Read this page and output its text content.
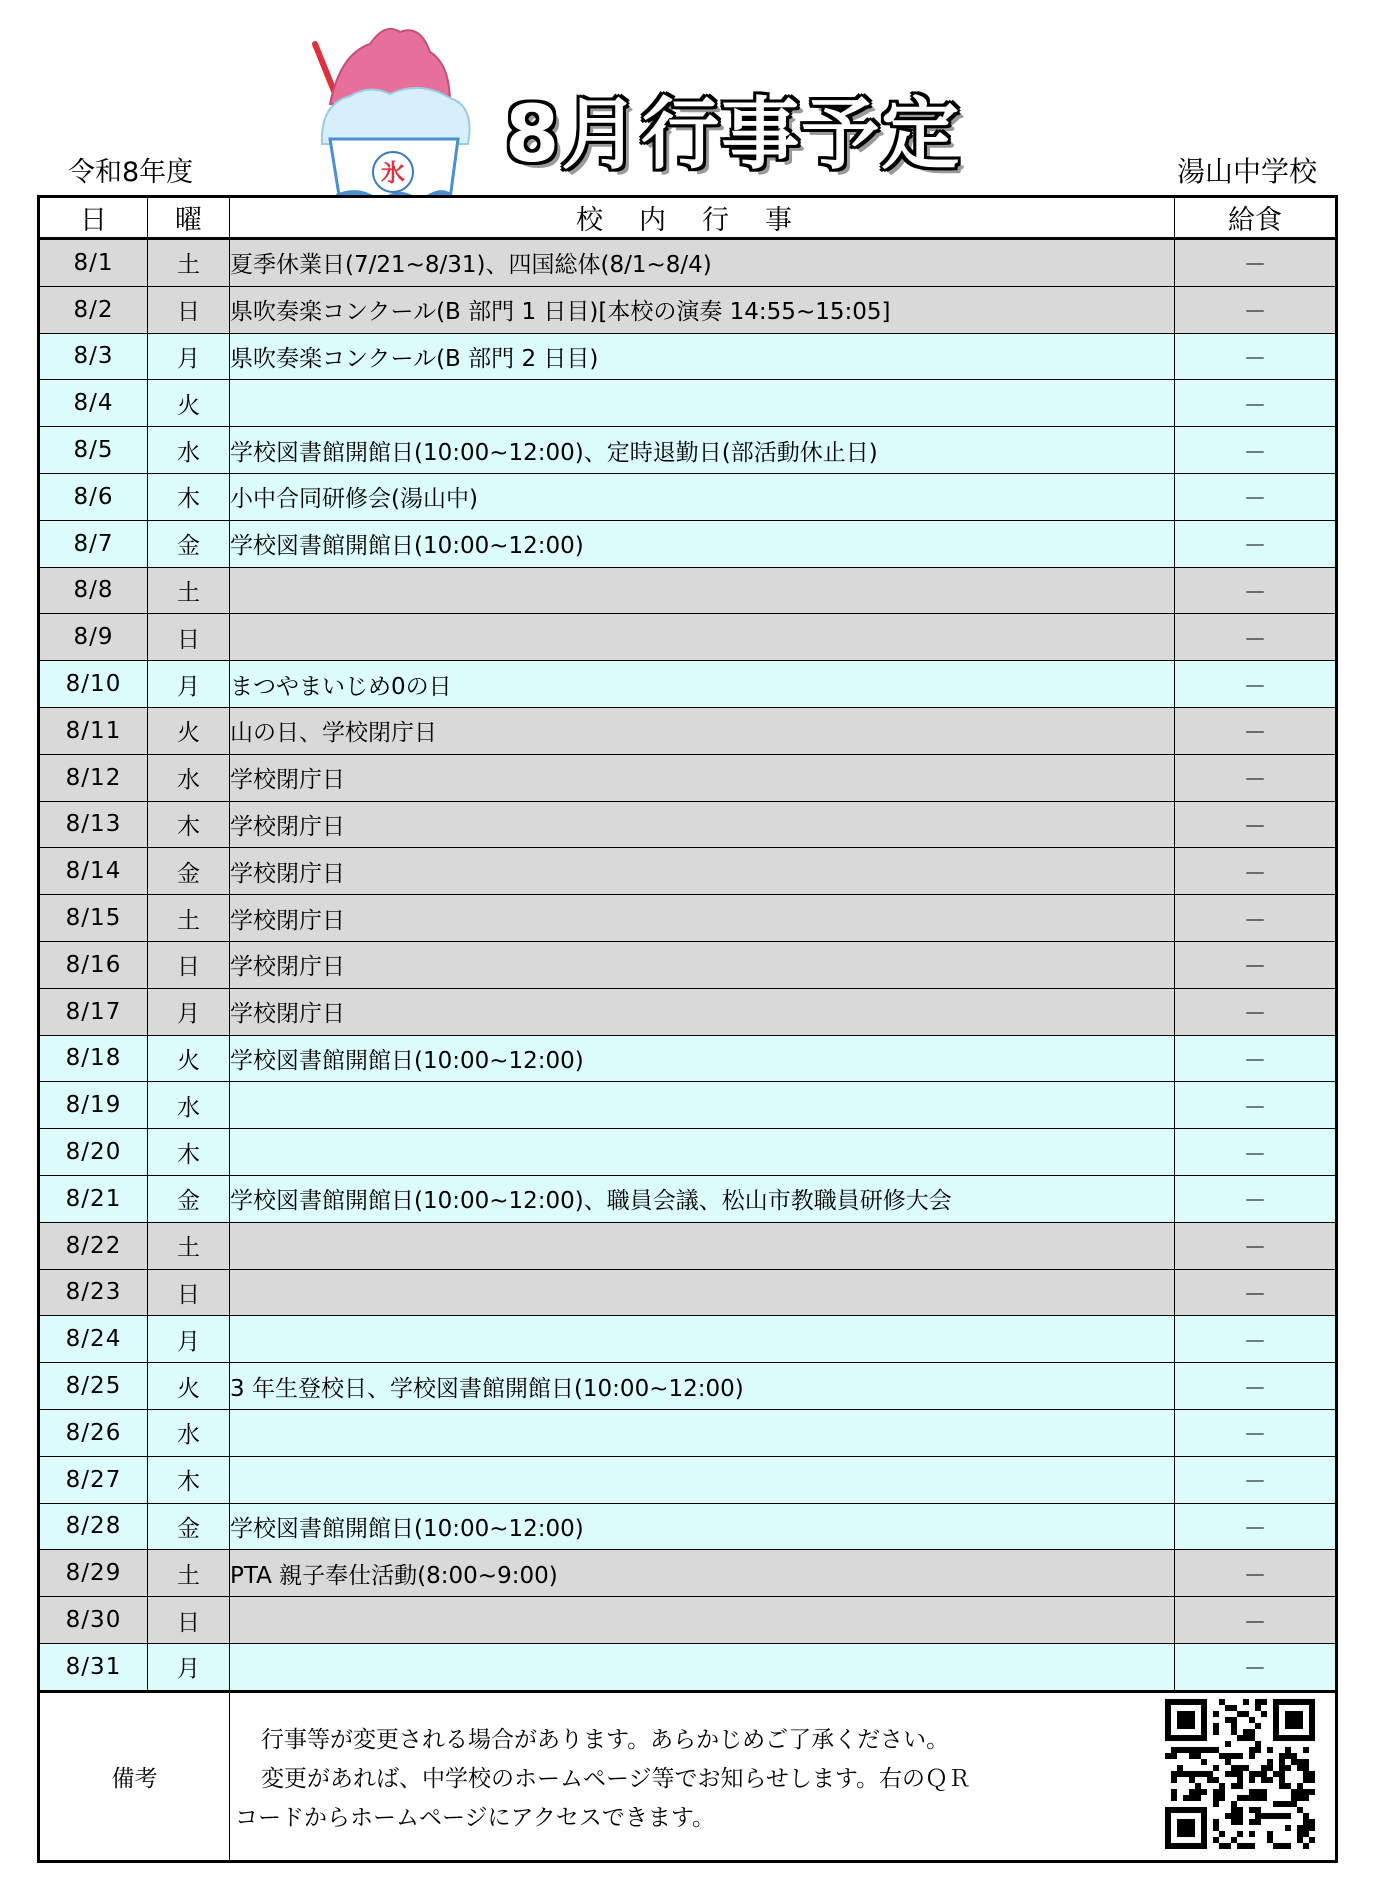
令和8年度	氷 8月行事予定	湯山中学校
日	曜	校内行事	給食
8/1	土	夏季休業日(7/21~8/31)、四国総体(8/1~8/4)	－
8/2	日	県吹奏楽コンクール(B 部門 1 日目)[本校の演奏 14:55~15:05]	－
8/3	月	県吹奏楽コンクール(B 部門 2 日目)	－
8/4	火		－
8/5	水	学校図書館開館日(10:00~12:00)、定時退勤日(部活動休止日)	－
8/6	木	小中合同研修会(湯山中)	－
8/7	金	学校図書館開館日(10:00~12:00)	－
8/8	土		－
8/9	日		－
8/10	月	まつやまいじめ0の日	－
8/11	火	山の日、学校閉庁日	－
8/12	水	学校閉庁日	－
8/13	木	学校閉庁日	－
8/14	金	学校閉庁日	－
8/15	土	学校閉庁日	－
8/16	日	学校閉庁日	－
8/17	月	学校閉庁日	－
8/18	火	学校図書館開館日(10:00~12:00)	－
8/19	水		－
8/20	木		－
8/21	金	学校図書館開館日(10:00~12:00)、職員会議、松山市教職員研修大会	－
8/22	土		－
8/23	日		－
8/24	月		－
8/25	火	3 年生登校日、学校図書館開館日(10:00~12:00)	－
8/26	水		－
8/27	木		－
8/28	金	学校図書館開館日(10:00~12:00)	－
8/29	土	PTA 親子奉仕活動(8:00~9:00)	－
8/30	日		－
8/31	月		－
備考		行事等が変更される場合があります。あらかじめご了承ください。

変更があれば、中学校のホームページ等でお知らせします。右のＱＲ

コードからホームページにアクセスできます。	
